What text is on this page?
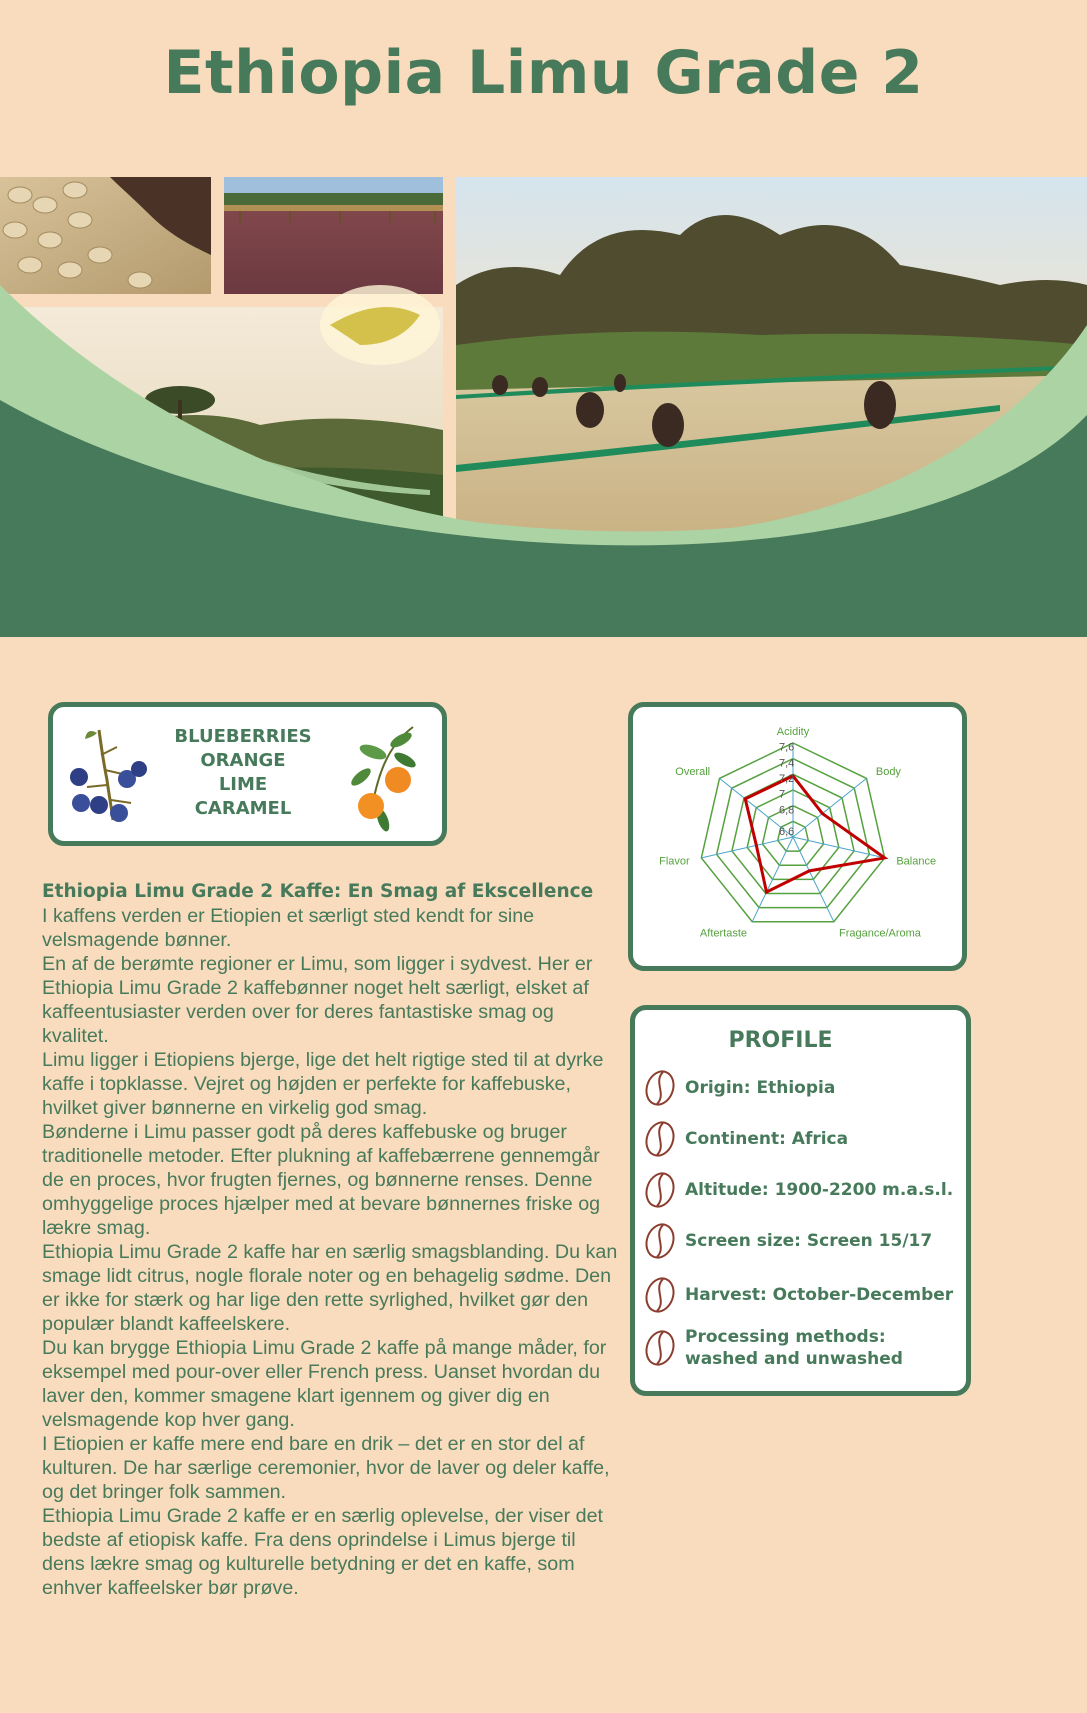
Ethiopia Limu Grade 2
BLUEBERRIES
ORANGE
LIME
CARAMEL
Acidity
Body
Balance
Fragance/Aroma
Aftertaste
Flavor
Overall
6,6
6,8
7
7,2
7,4
7,6
PROFILE
Origin: Ethiopia
Continent: Africa
Altitude: 1900-2200 m.a.s.l.
Screen size: Screen 15/17
Harvest: October-December
Processing methods: washed and unwashed
Ethiopia Limu Grade 2 Kaffe: En Smag af Ekscellence

I kaffens verden er Etiopien et særligt sted kendt for sine velsmagende bønner.

En af de berømte regioner er Limu, som ligger i sydvest. Her er Ethiopia Limu Grade 2 kaffebønner noget helt særligt, elsket af kaffeentusiaster verden over for deres fantastiske smag og kvalitet.

Limu ligger i Etiopiens bjerge, lige det helt rigtige sted til at dyrke kaffe i topklasse. Vejret og højden er perfekte for kaffebuske, hvilket giver bønnerne en virkelig god smag.

Bønderne i Limu passer godt på deres kaffebuske og bruger traditionelle metoder. Efter plukning af kaffebærrene gennemgår de en proces, hvor frugten fjernes, og bønnerne renses. Denne omhyggelige proces hjælper med at bevare bønnernes friske og lækre smag.

Ethiopia Limu Grade 2 kaffe har en særlig smagsblanding. Du kan smage lidt citrus, nogle florale noter og en behagelig sødme. Den er ikke for stærk og har lige den rette syrlighed, hvilket gør den populær blandt kaffeelskere.

Du kan brygge Ethiopia Limu Grade 2 kaffe på mange måder, for eksempel med pour-over eller French press. Uanset hvordan du laver den, kommer smagene klart igennem og giver dig en velsmagende kop hver gang.

I Etiopien er kaffe mere end bare en drik – det er en stor del af kulturen. De har særlige ceremonier, hvor de laver og deler kaffe, og det bringer folk sammen.

Ethiopia Limu Grade 2 kaffe er en særlig oplevelse, der viser det bedste af etiopisk kaffe. Fra dens oprindelse i Limus bjerge til dens lækre smag og kulturelle betydning er det en kaffe, som enhver kaffeelsker bør prøve.
